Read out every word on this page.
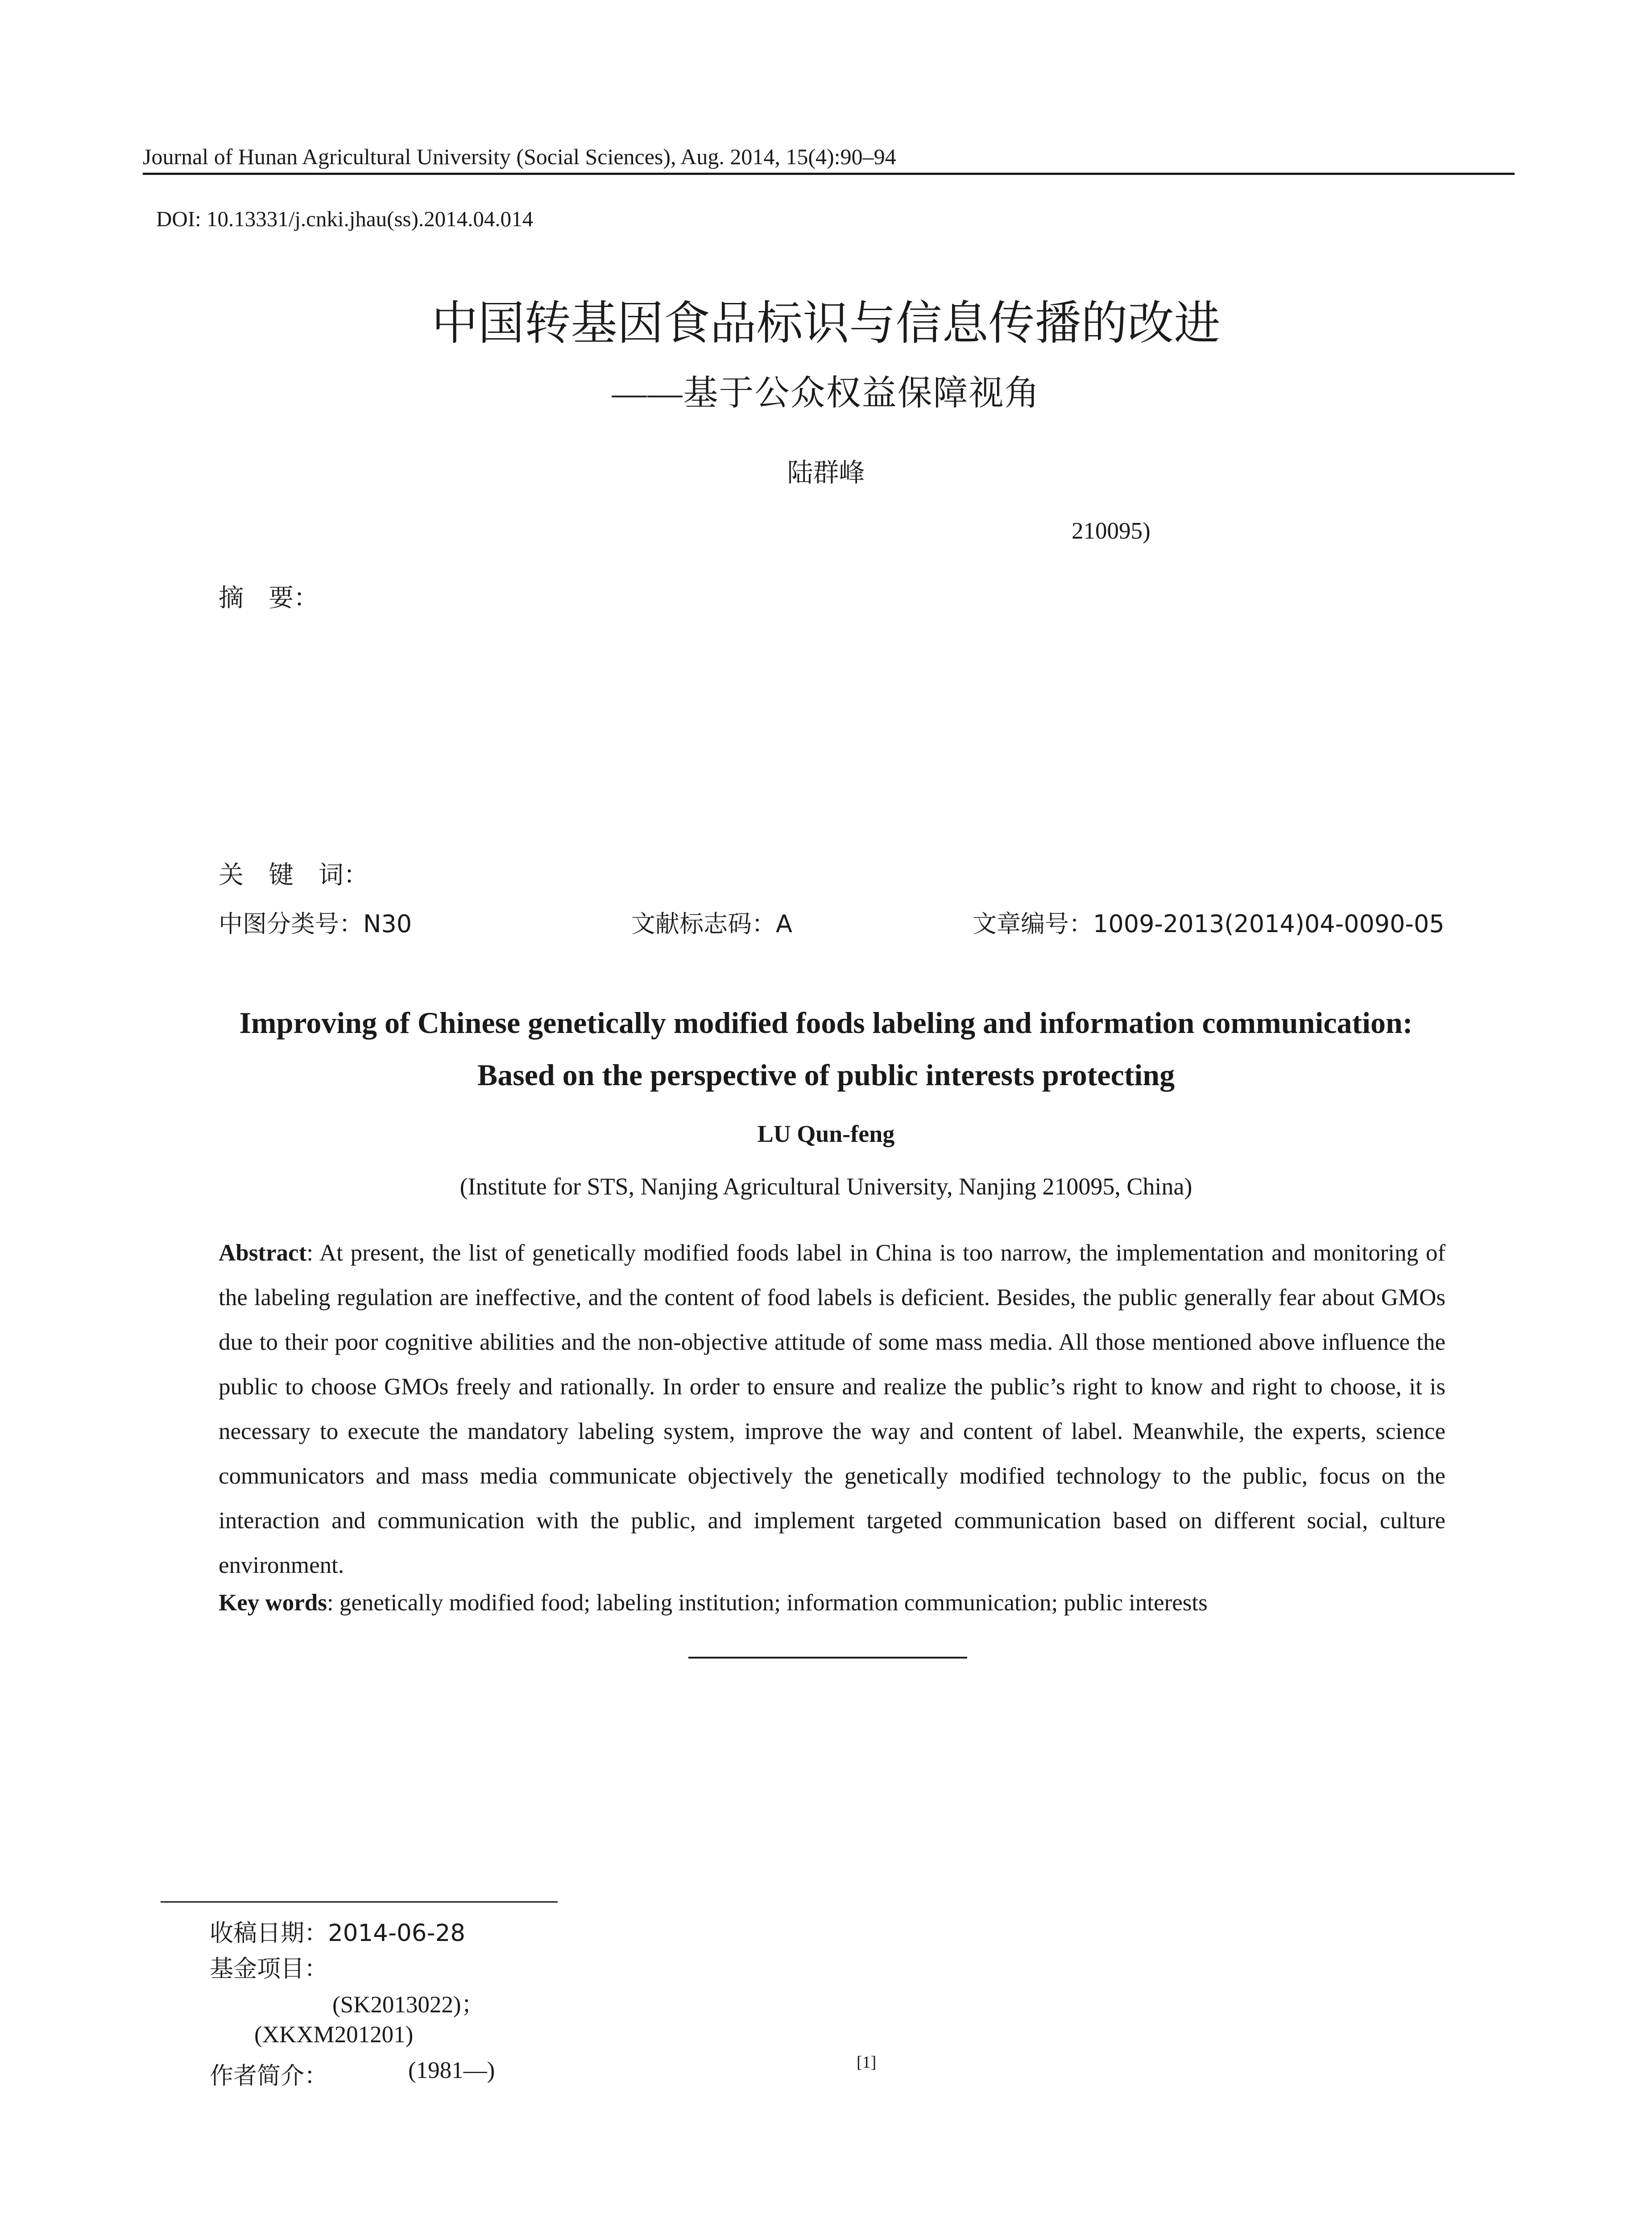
Journal of Hunan Agricultural University (Social Sciences), Aug. 2014, 15(4):90–94
DOI: 10.13331/j.cnki.jhau(ss).2014.04.014
中国转基因食品标识与信息传播的改进
——基于公众权益保障视角
陆群峰
210095)
摘　要：
关　键　词：
中图分类号：N30	文献标志码：A	文章编号：1009-2013(2014)04-0090-05
Improving of Chinese genetically modified foods labeling and information communication:
Based on the perspective of public interests protecting
LU Qun-feng
(Institute for STS, Nanjing Agricultural University, Nanjing 210095, China)
Abstract: At present, the list of genetically modified foods label in China is too narrow, the implementation and monitoring of the labeling regulation are ineffective, and the content of food labels is deficient. Besides, the public generally fear about GMOs due to their poor cognitive abilities and the non-objective attitude of some mass media. All those mentioned above influence the public to choose GMOs freely and rationally. In order to ensure and realize the public’s right to know and right to choose, it is necessary to execute the mandatory labeling system, improve the way and content of label. Meanwhile, the experts, science communicators and mass media communicate objectively the genetically modified technology to the public, focus on the interaction and communication with the public, and implement targeted communication based on different social, culture environment.
Key words: genetically modified food; labeling institution; information communication; public interests
收稿日期：2014-06-28
基金项目：
(SK2013022)；
(XKXM201201)
作者简介：	(1981—)	[1]
